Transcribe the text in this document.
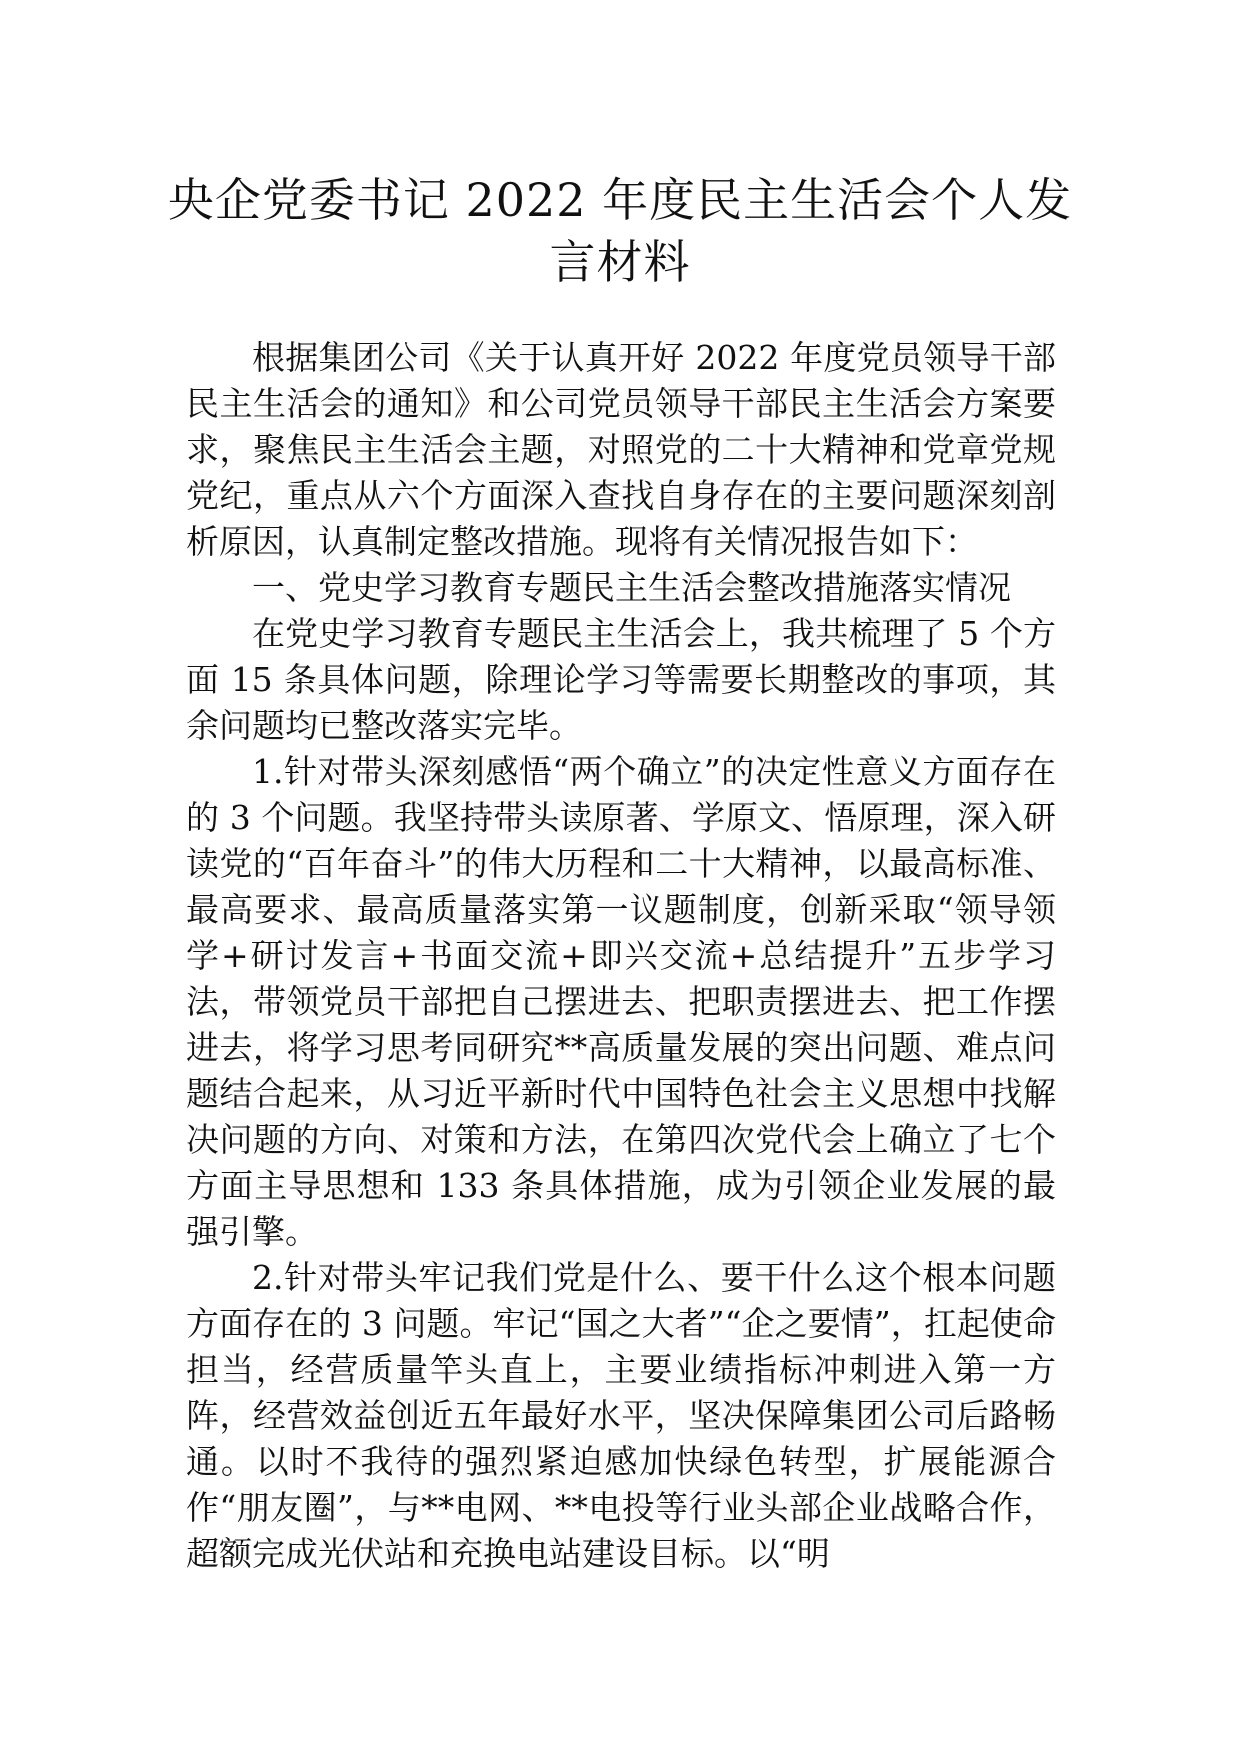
央企党委书记 2022 年度民主生活会个人发
言材料

根据集团公司《关于认真开好 2022 年度党员领导干部民主生活会的通知》和公司党员领导干部民主生活会方案要求，聚焦民主生活会主题，对照党的二十大精神和党章党规党纪，重点从六个方面深入查找自身存在的主要问题深刻剖析原因，认真制定整改措施。现将有关情况报告如下：

一、党史学习教育专题民主生活会整改措施落实情况

在党史学习教育专题民主生活会上，我共梳理了 5 个方面 15 条具体问题，除理论学习等需要长期整改的事项，其余问题均已整改落实完毕。

1.针对带头深刻感悟“两个确立”的决定性意义方面存在的 3 个问题。我坚持带头读原著、学原文、悟原理，深入研读党的“百年奋斗”的伟大历程和二十大精神，以最高标准、最高要求、最高质量落实第一议题制度，创新采取“领导领学+研讨发言+书面交流+即兴交流+总结提升”五步学习法，带领党员干部把自己摆进去、把职责摆进去、把工作摆进去，将学习思考同研究**高质量发展的突出问题、难点问题结合起来，从习近平新时代中国特色社会主义思想中找解决问题的方向、对策和方法，在第四次党代会上确立了七个方面主导思想和 133 条具体措施，成为引领企业发展的最强引擎。

2.针对带头牢记我们党是什么、要干什么这个根本问题方面存在的 3 问题。牢记“国之大者”“企之要情”，扛起使命担当，经营质量竿头直上，主要业绩指标冲刺进入第一方阵，经营效益创近五年最好水平，坚决保障集团公司后路畅通。以时不我待的强烈紧迫感加快绿色转型，扩展能源合作“朋友圈”，与**电网、**电投等行业头部企业战略合作，超额完成光伏站和充换电站建设目标。以“明
